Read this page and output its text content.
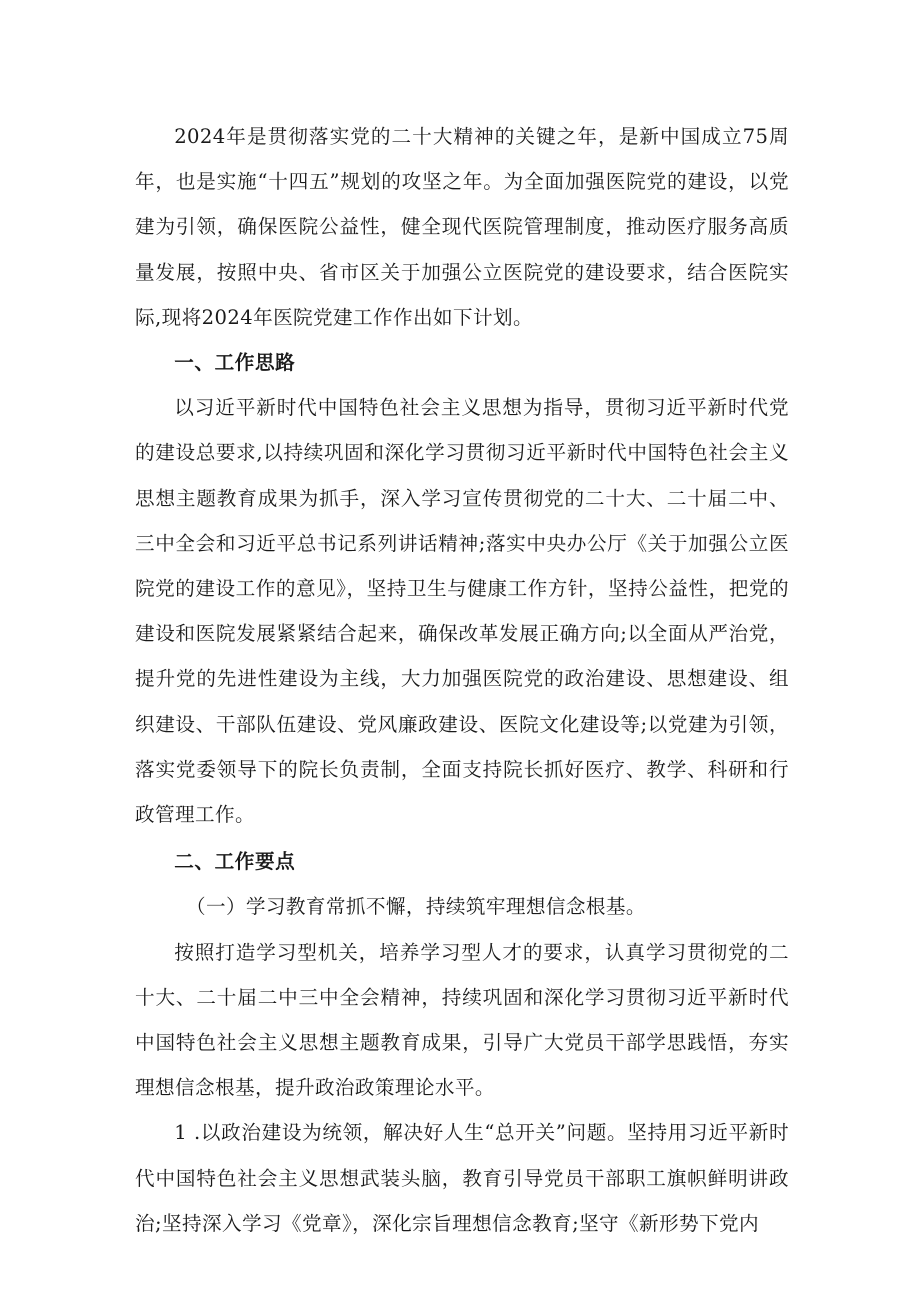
2024年是贯彻落实党的二十大精神的关键之年，是新中国成立75周年，也是实施“十四五”规划的攻坚之年。为全面加强医院党的建设，以党建为引领，确保医院公益性，健全现代医院管理制度，推动医疗服务高质量发展，按照中央、省市区关于加强公立医院党的建设要求，结合医院实际,现将2024年医院党建工作作出如下计划。

一、工作思路

以习近平新时代中国特色社会主义思想为指导，贯彻习近平新时代党的建设总要求,以持续巩固和深化学习贯彻习近平新时代中国特色社会主义思想主题教育成果为抓手，深入学习宣传贯彻党的二十大、二十届二中、三中全会和习近平总书记系列讲话精神;落实中央办公厅《关于加强公立医院党的建设工作的意见》，坚持卫生与健康工作方针，坚持公益性，把党的建设和医院发展紧紧结合起来，确保改革发展正确方向;以全面从严治党，提升党的先进性建设为主线，大力加强医院党的政治建设、思想建设、组织建设、干部队伍建设、党风廉政建设、医院文化建设等;以党建为引领，落实党委领导下的院长负责制，全面支持院长抓好医疗、教学、科研和行政管理工作。

二、工作要点

（一）学习教育常抓不懈，持续筑牢理想信念根基。

按照打造学习型机关，培养学习型人才的要求，认真学习贯彻党的二十大、二十届二中三中全会精神，持续巩固和深化学习贯彻习近平新时代中国特色社会主义思想主题教育成果，引导广大党员干部学思践悟，夯实理想信念根基，提升政治政策理论水平。

1 .以政治建设为统领，解决好人生“总开关”问题。坚持用习近平新时代中国特色社会主义思想武装头脑，教育引导党员干部职工旗帜鲜明讲政治;坚持深入学习《党章》，深化宗旨理想信念教育;坚守《新形势下党内
